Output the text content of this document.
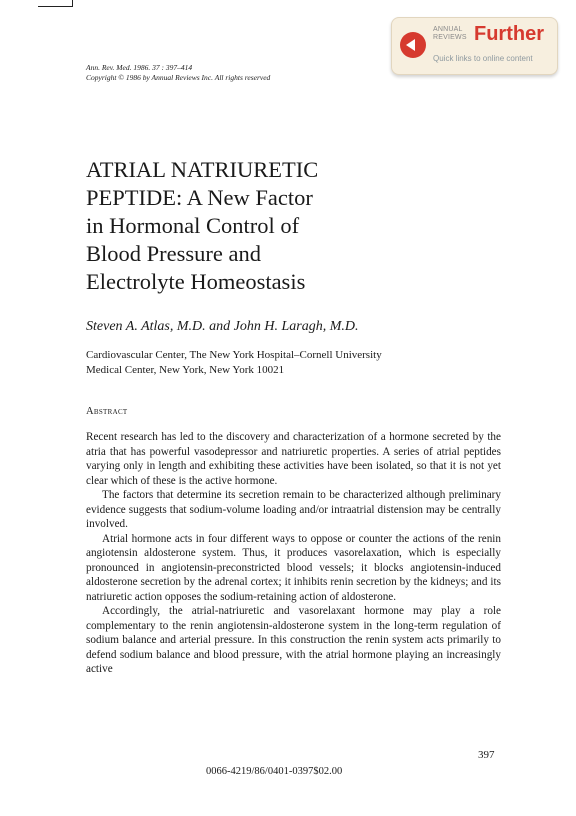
ANNUAL
REVIEWS Further
Quick links to online content
Ann. Rev. Med. 1986. 37 : 397–414
Copyright © 1986 by Annual Reviews Inc. All rights reserved
ATRIAL NATRIURETIC
PEPTIDE: A New Factor
in Hormonal Control of
Blood Pressure and
Electrolyte Homeostasis
Steven A. Atlas, M.D. and John H. Laragh, M.D.
Cardiovascular Center, The New York Hospital–Cornell University
Medical Center, New York, New York 10021
Abstract

Recent research has led to the discovery and characterization of a hormone secreted by the atria that has powerful vasodepressor and natriuretic properties. A series of atrial peptides varying only in length and exhibiting these activities have been isolated, so that it is not yet clear which of these is the active hormone.

The factors that determine its secretion remain to be characterized although preliminary evidence suggests that sodium-volume loading and/or intraatrial distension may be centrally involved.

Atrial hormone acts in four different ways to oppose or counter the actions of the renin angiotensin aldosterone system. Thus, it produces vasorelaxation, which is especially pronounced in angiotensin-preconstricted blood vessels; it blocks angiotensin-induced aldosterone secretion by the adrenal cortex; it inhibits renin secretion by the kidneys; and its natriuretic action opposes the sodium-retaining action of aldosterone.

Accordingly, the atrial-natriuretic and vasorelaxant hormone may play a role complementary to the renin angiotensin-aldosterone system in the long-term regulation of sodium balance and arterial pressure. In this construction the renin system acts primarily to defend sodium balance and blood pressure, with the atrial hormone playing an increasingly active

397
0066-4219/86/0401-0397$02.00
